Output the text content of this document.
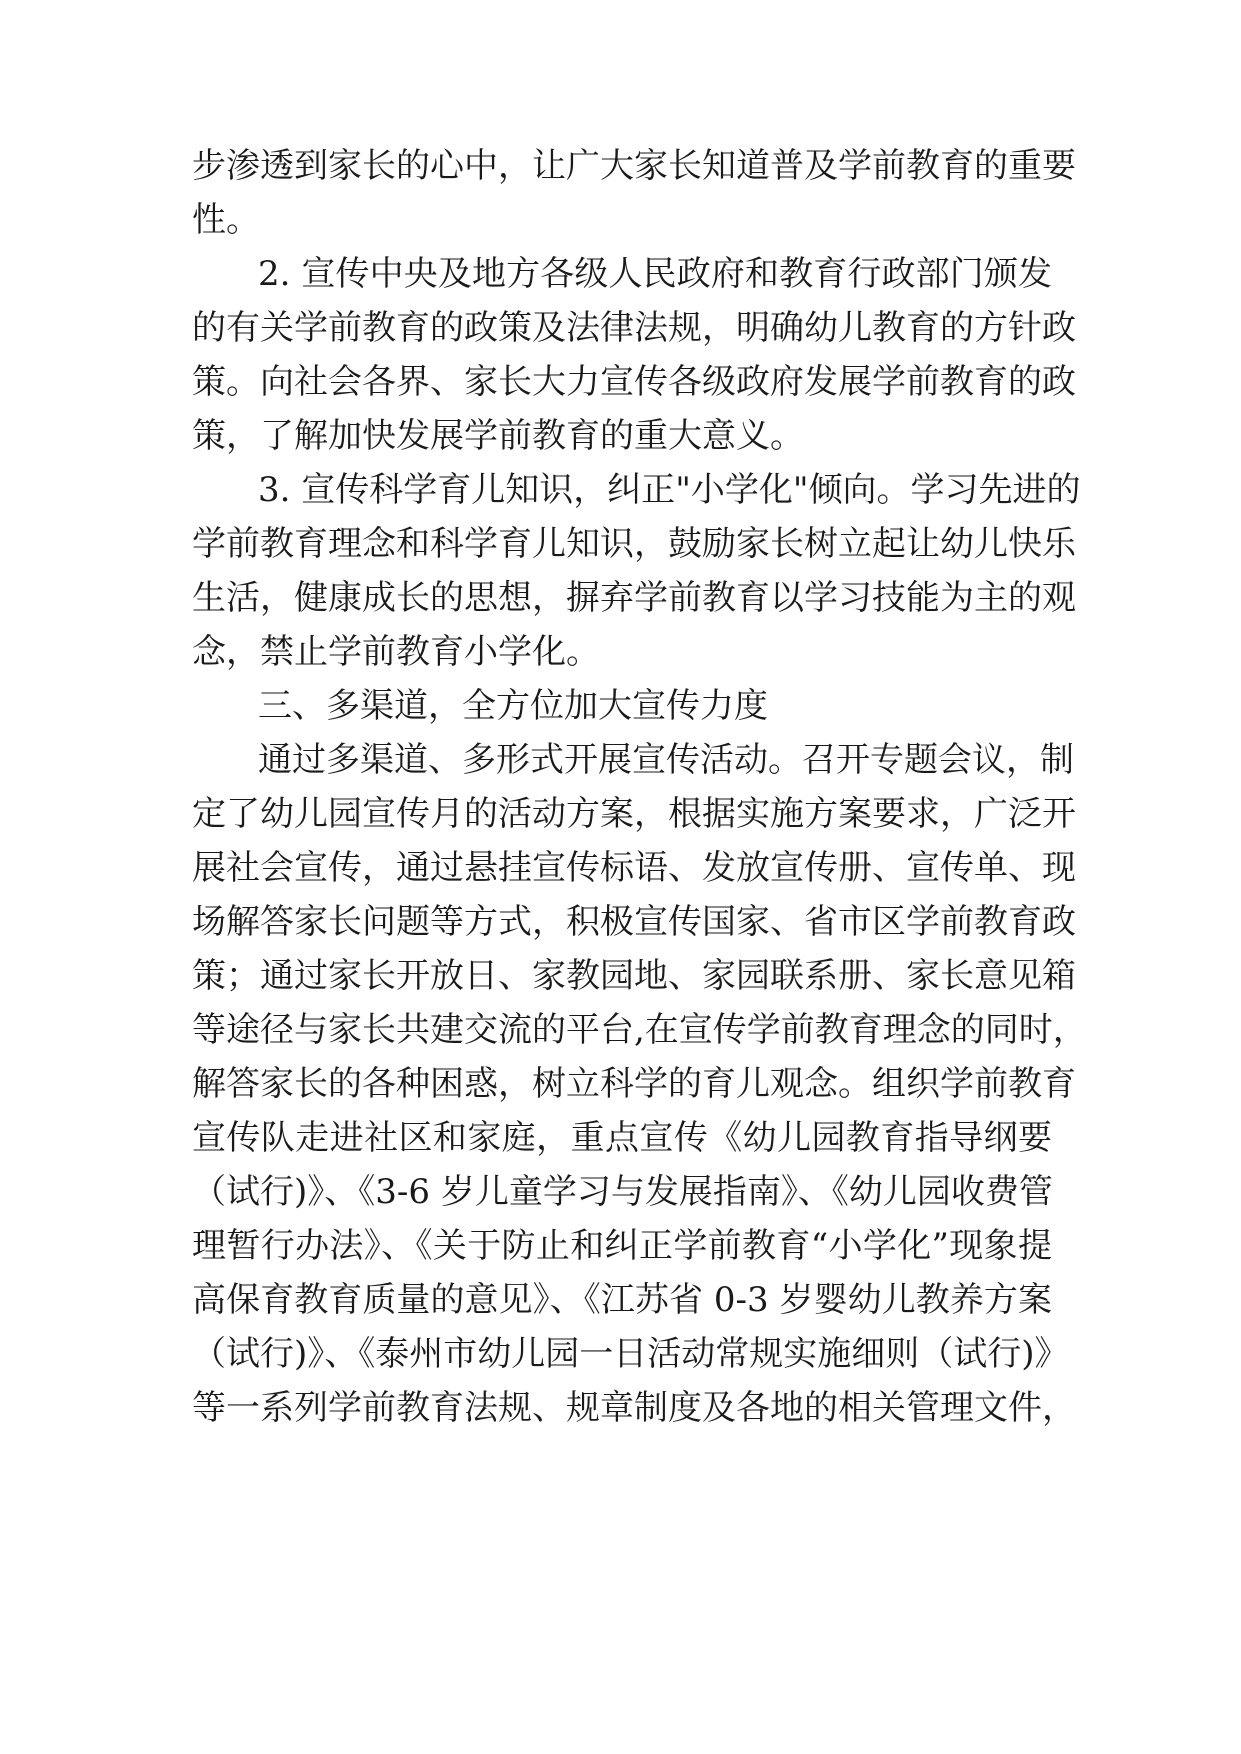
步渗透到家长的心中，让广大家长知道普及学前教育的重要
性。
2. 宣传中央及地方各级人民政府和教育行政部门颁发
的有关学前教育的政策及法律法规，明确幼儿教育的方针政
策。向社会各界、家长大力宣传各级政府发展学前教育的政
策，了解加快发展学前教育的重大意义。
3. 宣传科学育儿知识，纠正"小学化"倾向。学习先进的
学前教育理念和科学育儿知识，鼓励家长树立起让幼儿快乐
生活，健康成长的思想，摒弃学前教育以学习技能为主的观
念，禁止学前教育小学化。
三、多渠道，全方位加大宣传力度
通过多渠道、多形式开展宣传活动。召开专题会议，制
定了幼儿园宣传月的活动方案，根据实施方案要求，广泛开
展社会宣传，通过悬挂宣传标语、发放宣传册、宣传单、现
场解答家长问题等方式，积极宣传国家、省市区学前教育政
策；通过家长开放日、家教园地、家园联系册、家长意见箱
等途径与家长共建交流的平台,在宣传学前教育理念的同时，
解答家长的各种困惑，树立科学的育儿观念。组织学前教育
宣传队走进社区和家庭，重点宣传《幼儿园教育指导纲要
（试行)》、《3-6 岁儿童学习与发展指南》、《幼儿园收费管
理暂行办法》、《关于防止和纠正学前教育“小学化”现象提
高保育教育质量的意见》、《江苏省 0-3 岁婴幼儿教养方案
（试行)》、《泰州市幼儿园一日活动常规实施细则（试行)》
等一系列学前教育法规、规章制度及各地的相关管理文件，
